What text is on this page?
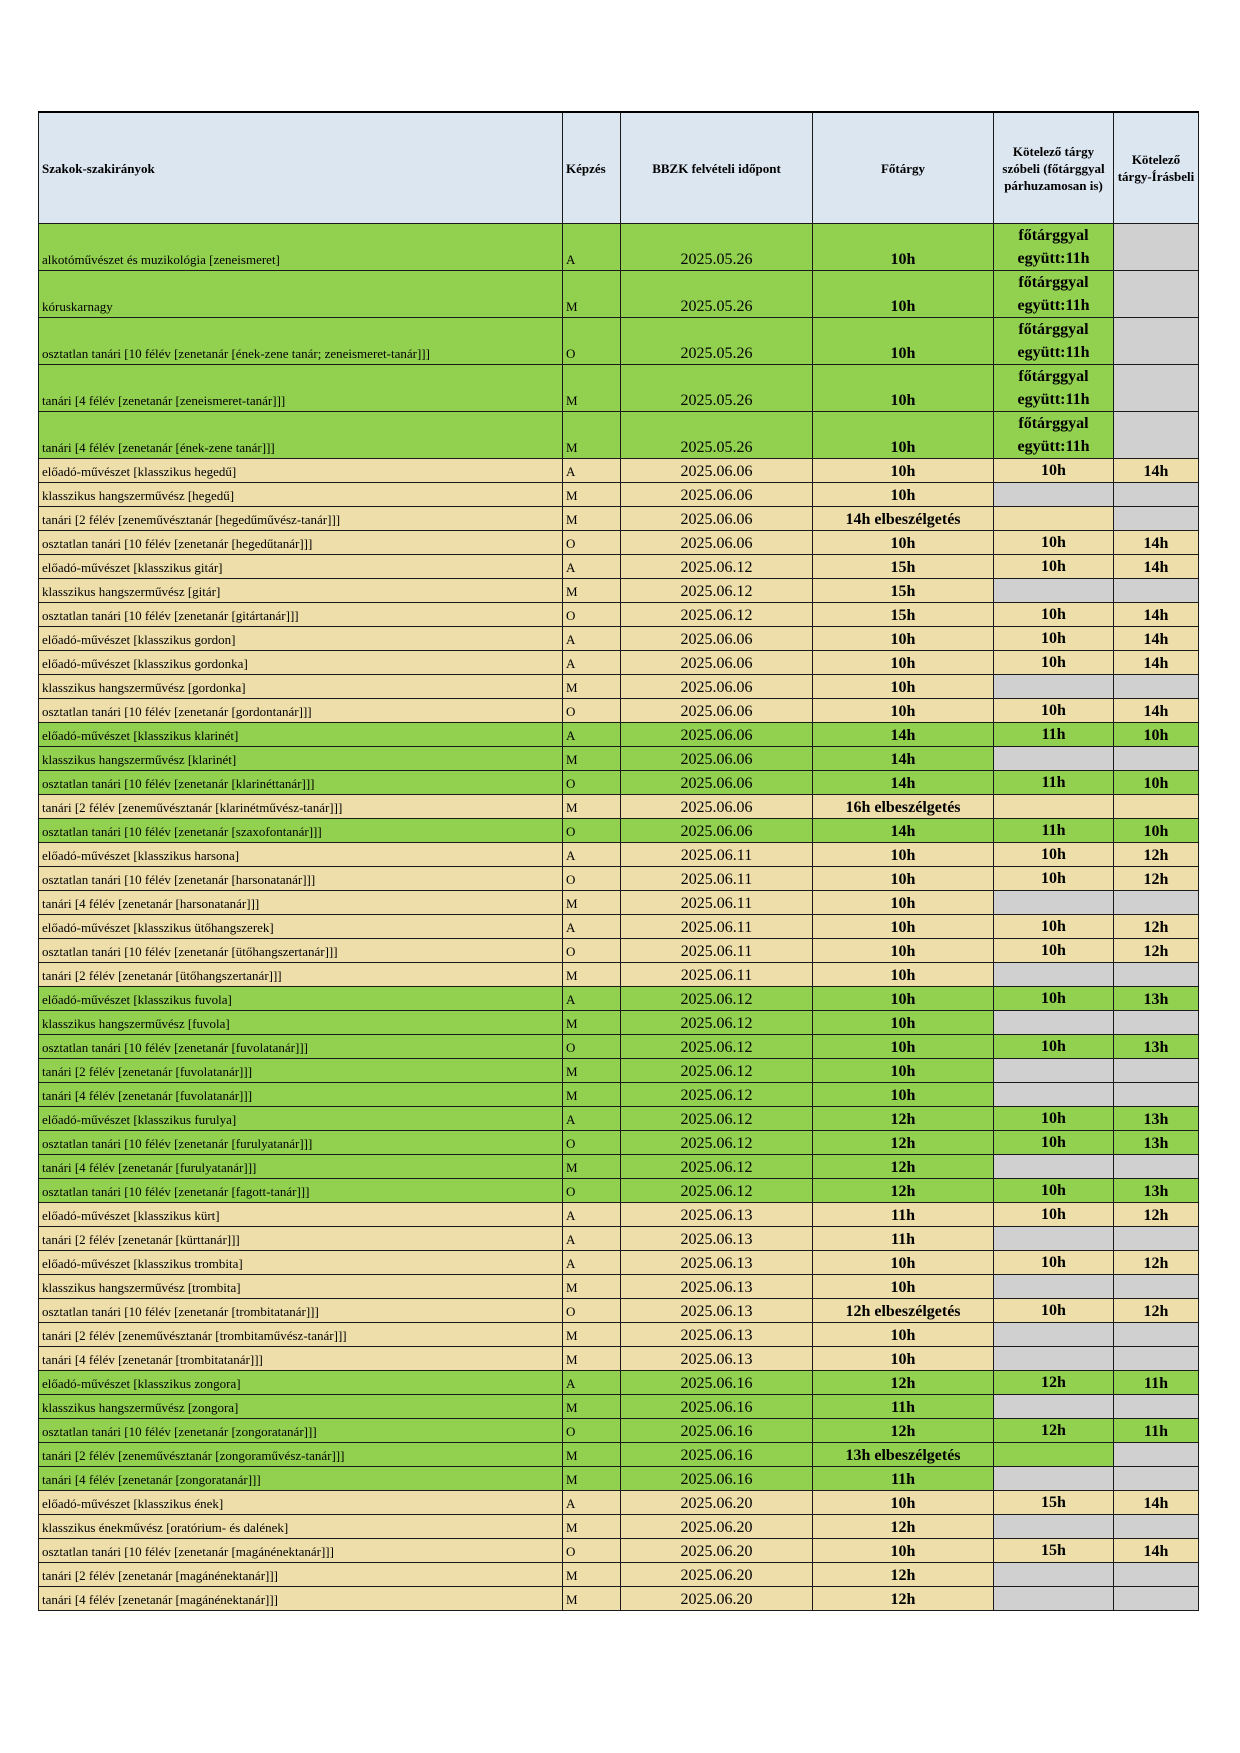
Szakok-szakirányok	Képzés	BBZK felvételi időpont	Főtárgy	Kötelező tárgy szóbeli (főtárggyal párhuzamosan is)	Kötelező tárgy-Írásbeli
alkotóművészet és muzikológia [zeneismeret]	A	2025.05.26	10h	főtárggyal együtt:11h	
kóruskarnagy	M	2025.05.26	10h	főtárggyal együtt:11h	
osztatlan tanári [10 félév [zenetanár [ének-zene tanár; zeneismeret-tanár]]]	O	2025.05.26	10h	főtárggyal együtt:11h	
tanári [4 félév [zenetanár [zeneismeret-tanár]]]	M	2025.05.26	10h	főtárggyal együtt:11h	
tanári [4 félév [zenetanár [ének-zene tanár]]]	M	2025.05.26	10h	főtárggyal együtt:11h	
előadó-művészet [klasszikus hegedű]	A	2025.06.06	10h	10h	14h
klasszikus hangszerművész [hegedű]	M	2025.06.06	10h		
tanári [2 félév [zeneművésztanár [hegedűművész-tanár]]]	M	2025.06.06	14h elbeszélgetés		
osztatlan tanári [10 félév [zenetanár [hegedűtanár]]]	O	2025.06.06	10h	10h	14h
előadó-művészet [klasszikus gitár]	A	2025.06.12	15h	10h	14h
klasszikus hangszerművész [gitár]	M	2025.06.12	15h		
osztatlan tanári [10 félév [zenetanár [gitártanár]]]	O	2025.06.12	15h	10h	14h
előadó-művészet [klasszikus gordon]	A	2025.06.06	10h	10h	14h
előadó-művészet [klasszikus gordonka]	A	2025.06.06	10h	10h	14h
klasszikus hangszerművész [gordonka]	M	2025.06.06	10h		
osztatlan tanári [10 félév [zenetanár [gordontanár]]]	O	2025.06.06	10h	10h	14h
előadó-művészet [klasszikus klarinét]	A	2025.06.06	14h	11h	10h
klasszikus hangszerművész [klarinét]	M	2025.06.06	14h		
osztatlan tanári [10 félév [zenetanár [klarinéttanár]]]	O	2025.06.06	14h	11h	10h
tanári [2 félév [zeneművésztanár [klarinétművész-tanár]]]	M	2025.06.06	16h elbeszélgetés		
osztatlan tanári [10 félév [zenetanár [szaxofontanár]]]	O	2025.06.06	14h	11h	10h
előadó-művészet [klasszikus harsona]	A	2025.06.11	10h	10h	12h
osztatlan tanári [10 félév [zenetanár [harsonatanár]]]	O	2025.06.11	10h	10h	12h
tanári [4 félév [zenetanár [harsonatanár]]]	M	2025.06.11	10h		
előadó-művészet [klasszikus ütőhangszerek]	A	2025.06.11	10h	10h	12h
osztatlan tanári [10 félév [zenetanár [ütőhangszertanár]]]	O	2025.06.11	10h	10h	12h
tanári [2 félév [zenetanár [ütőhangszertanár]]]	M	2025.06.11	10h		
előadó-művészet [klasszikus fuvola]	A	2025.06.12	10h	10h	13h
klasszikus hangszerművész [fuvola]	M	2025.06.12	10h		
osztatlan tanári [10 félév [zenetanár [fuvolatanár]]]	O	2025.06.12	10h	10h	13h
tanári [2 félév [zenetanár [fuvolatanár]]]	M	2025.06.12	10h		
tanári [4 félév [zenetanár [fuvolatanár]]]	M	2025.06.12	10h		
előadó-művészet [klasszikus furulya]	A	2025.06.12	12h	10h	13h
osztatlan tanári [10 félév [zenetanár [furulyatanár]]]	O	2025.06.12	12h	10h	13h
tanári [4 félév [zenetanár [furulyatanár]]]	M	2025.06.12	12h		
osztatlan tanári [10 félév [zenetanár [fagott-tanár]]]	O	2025.06.12	12h	10h	13h
előadó-művészet [klasszikus kürt]	A	2025.06.13	11h	10h	12h
tanári [2 félév [zenetanár [kürttanár]]]	A	2025.06.13	11h		
előadó-művészet [klasszikus trombita]	A	2025.06.13	10h	10h	12h
klasszikus hangszerművész [trombita]	M	2025.06.13	10h		
osztatlan tanári [10 félév [zenetanár [trombitatanár]]]	O	2025.06.13	12h elbeszélgetés	10h	12h
tanári [2 félév [zeneművésztanár [trombitaművész-tanár]]]	M	2025.06.13	10h		
tanári [4 félév [zenetanár [trombitatanár]]]	M	2025.06.13	10h		
előadó-művészet [klasszikus zongora]	A	2025.06.16	12h	12h	11h
klasszikus hangszerművész [zongora]	M	2025.06.16	11h		
osztatlan tanári [10 félév [zenetanár [zongoratanár]]]	O	2025.06.16	12h	12h	11h
tanári [2 félév [zeneművésztanár [zongoraművész-tanár]]]	M	2025.06.16	13h elbeszélgetés		
tanári [4 félév [zenetanár [zongoratanár]]]	M	2025.06.16	11h		
előadó-művészet [klasszikus ének]	A	2025.06.20	10h	15h	14h
klasszikus énekművész [oratórium- és dalének]	M	2025.06.20	12h		
osztatlan tanári [10 félév [zenetanár [magánénektanár]]]	O	2025.06.20	10h	15h	14h
tanári [2 félév [zenetanár [magánénektanár]]]	M	2025.06.20	12h		
tanári [4 félév [zenetanár [magánénektanár]]]	M	2025.06.20	12h		
